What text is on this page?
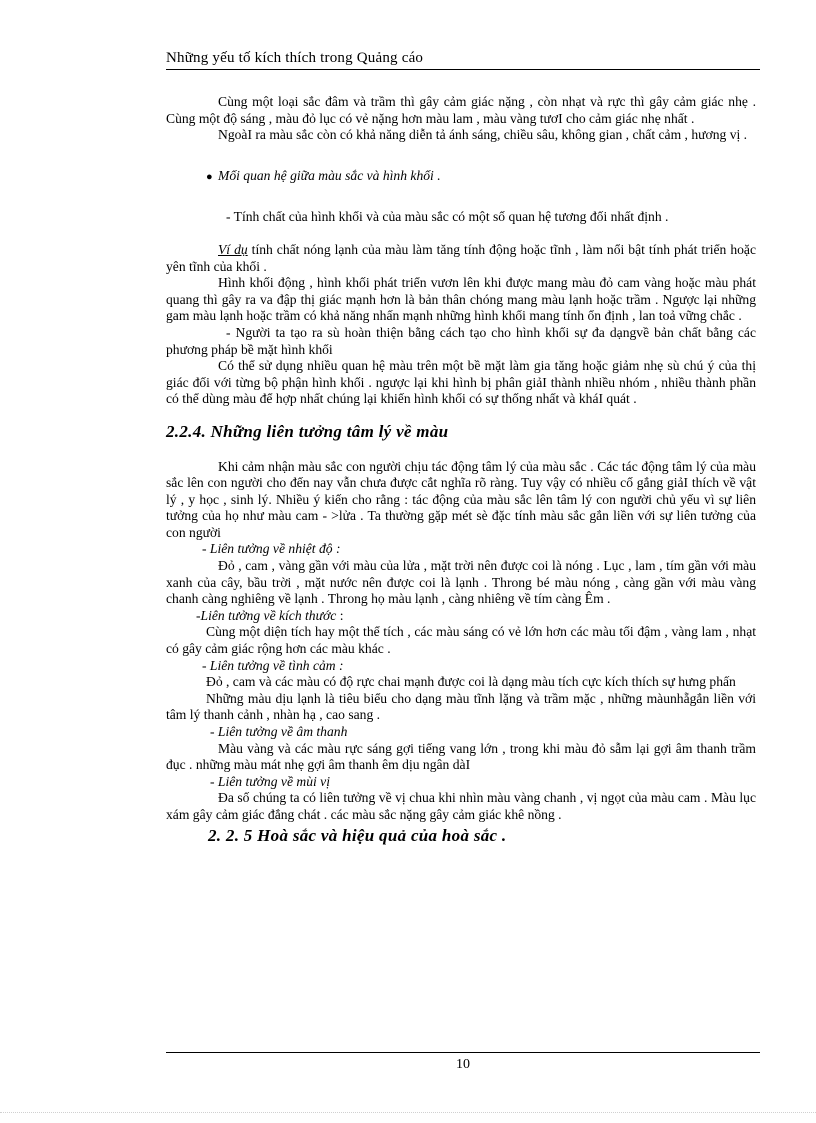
Những yếu tố kích thích trong Quảng cáo

Cùng một loại sắc đâm và trầm thì gây cảm giác nặng , còn nhạt và rực thì gây cảm giác nhẹ . Cùng một độ sáng , màu đỏ lục có vẻ nặng hơn màu lam , màu vàng tươI cho cảm giác nhẹ nhất .

NgoàI ra màu sắc còn có khả năng diễn tả ánh sáng, chiều sâu, không gian , chất cảm , hương vị .

● Mối quan hệ giữa màu sắc và hình khối .

- Tính chất của hình khối và của màu sắc có một số quan hệ tương đối nhất định .

Ví dụ tính chất nóng lạnh của màu làm tăng tính động hoặc tĩnh , làm nổi bật tính phát triển hoặc yên tĩnh của khối .

Hình khối động , hình khối phát triển vươn lên khi được mang màu đỏ cam vàng hoặc màu phát quang thì gây ra va đập thị giác mạnh hơn là bản thân chóng mang màu lạnh hoặc trầm . Ngược lại những gam màu lạnh hoặc trầm có khả năng nhấn mạnh những hình khối mang tính ổn định , lan toả vững chắc .

- Người ta tạo ra sù hoàn thiện bằng cách tạo cho hình khối sự đa dạngvề bản chất bằng các phương pháp bề mặt hình khối

Có thể sử dụng nhiều quan hệ màu trên một bề mặt làm gia tăng hoặc giảm nhẹ sù chú ý của thị giác đối với từng bộ phận hình khối . ngược lại khi hình bị phân giảI thành nhiều nhóm , nhiều thành phần có thể dùng màu để hợp nhất chúng lại khiến hình khối có sự thống nhất và kháI quát .

2.2.4. Những liên tưởng tâm lý về màu

Khi cảm nhận màu sắc con người chịu tác động tâm lý của màu sắc . Các tác động tâm lý của màu sắc lên con người cho đến nay vẫn chưa được cắt nghĩa rõ ràng. Tuy vậy có nhiều cố gắng giảI thích về vật lý , y học , sinh lý. Nhiều ý kiến cho rằng : tác động của màu sắc lên tâm lý con người chủ yếu vì sự liên tưởng của họ như màu cam - >lửa . Ta thường gặp mét sè đặc tính màu sắc gắn liền với sự liên tưởng của con người

- Liên tưởng về nhiệt độ :

Đỏ , cam , vàng gần với màu của lửa , mặt trời nên được coi là nóng . Lục , lam , tím gần với màu xanh của cây, bầu trời , mặt nước nên được coi là lạnh . Throng bé màu nóng , càng gần với màu vàng chanh càng nghiêng về lạnh . Throng họ màu lạnh , càng nhiêng về tím càng Êm .

-Liên tưởng về kích thước :

Cùng một diện tích hay một thể tích , các màu sáng có vẻ lớn hơn các màu tối đậm , vàng lam , nhạt có gây cảm giác rộng hơn các màu khác .

- Liên tưởng về tình cảm :

Đỏ , cam và các màu có độ rực chai mạnh được coi là dạng màu tích cực kích thích sự hưng phấn

Những màu dịu lạnh là tiêu biểu cho dạng màu tĩnh lặng và trầm mặc , những màunhẵgắn liền với tâm lý thanh cảnh , nhàn hạ , cao sang .

- Liên tưởng về âm thanh

Màu vàng và các màu rực sáng gợi tiếng vang lớn , trong khi màu đỏ sẫm lại gợi âm thanh trầm đục . những màu mát nhẹ gợi âm thanh êm dịu ngân dàI

- Liên tưởng về mùi vị

Đa số chúng ta có liên tưởng về vị chua khi nhìn màu vàng chanh , vị ngọt của màu cam . Màu lục xám gây cảm giác đắng chát . các màu sắc nặng gây cảm giác khê nồng .

2. 2. 5 Hoà sắc và hiệu quả của hoà sắc .

10
